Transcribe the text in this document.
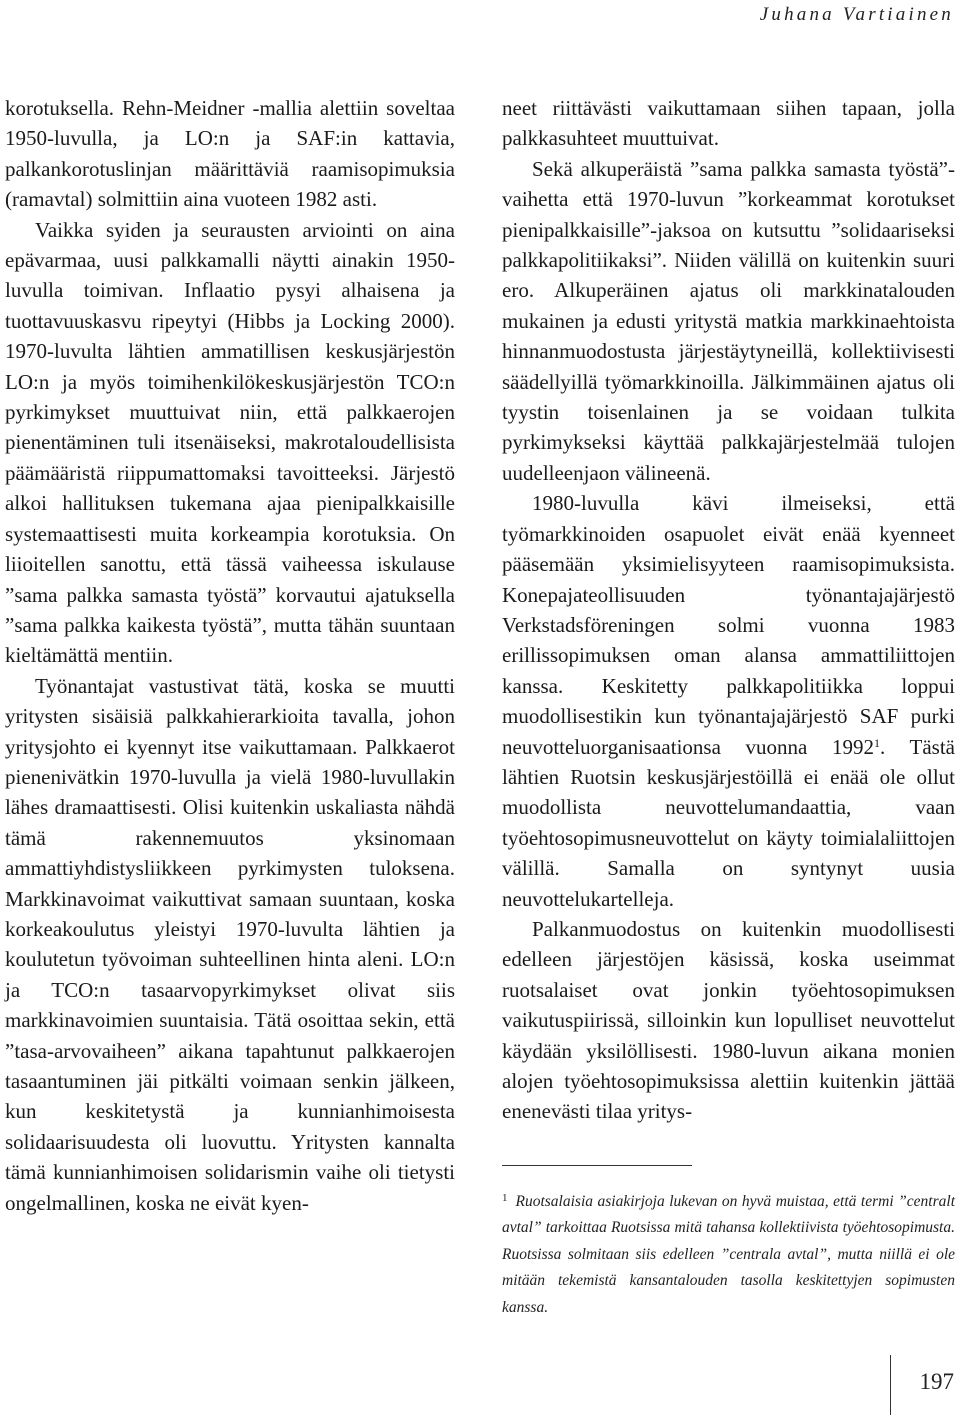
Juhana Vartiainen

korotuksella. Rehn-Meidner -mallia alettiin soveltaa 1950-luvulla, ja LO:n ja SAF:in kattavia, palkankorotuslinjan määrittäviä raamisopimuksia (ramavtal) solmittiin aina vuoteen 1982 asti.

Vaikka syiden ja seurausten arviointi on aina epävarmaa, uusi palkkamalli näytti ainakin 1950-luvulla toimivan. Inflaatio pysyi alhaisena ja tuottavuuskasvu ripeytyi (Hibbs ja Locking 2000). 1970-luvulta lähtien ammatillisen keskusjärjestön LO:n ja myös toimihenkilökeskusjärjestön TCO:n pyrkimykset muuttuivat niin, että palkkaerojen pienentäminen tuli itsenäiseksi, makrotaloudellisista päämääristä riippumattomaksi tavoitteeksi. Järjestö alkoi hallituksen tukemana ajaa pienipalkkaisille systemaattisesti muita korkeampia korotuksia. On liioitellen sanottu, että tässä vaiheessa iskulause ”sama palkka samasta työstä” korvautui ajatuksella ”sama palkka kaikesta työstä”, mutta tähän suuntaan kieltämättä mentiin.

Työnantajat vastustivat tätä, koska se muutti yritysten sisäisiä palkkahierarkioita tavalla, johon yritysjohto ei kyennyt itse vaikuttamaan. Palkkaerot pienenivätkin 1970-luvulla ja vielä 1980-luvullakin lähes dramaattisesti. Olisi kuitenkin uskaliasta nähdä tämä rakennemuutos yksinomaan ammattiyhdistysliikkeen pyrkimysten tuloksena. Markkinavoimat vaikuttivat samaan suuntaan, koska korkeakoulutus yleistyi 1970-luvulta lähtien ja koulutetun työvoiman suhteellinen hinta aleni. LO:n ja TCO:n tasaarvopyrkimykset olivat siis markkinavoimien suuntaisia. Tätä osoittaa sekin, että ”tasa-arvovaiheen” aikana tapahtunut palkkaerojen tasaantuminen jäi pitkälti voimaan senkin jälkeen, kun keskitetystä ja kunnianhimoisesta solidaarisuudesta oli luovuttu. Yritysten kannalta tämä kunnianhimoisen solidarismin vaihe oli tietysti ongelmallinen, koska ne eivät kyen-

neet riittävästi vaikuttamaan siihen tapaan, jolla palkkasuhteet muuttuivat.

Sekä alkuperäistä ”sama palkka samasta työstä”-vaihetta että 1970-luvun ”korkeammat korotukset pienipalkkaisille”-jaksoa on kutsuttu ”solidaariseksi palkkapolitiikaksi”. Niiden välillä on kuitenkin suuri ero. Alkuperäinen ajatus oli markkinatalouden mukainen ja edusti yritystä matkia markkinaehtoista hinnanmuodostusta järjestäytyneillä, kollektiivisesti säädellyillä työmarkkinoilla. Jälkimmäinen ajatus oli tyystin toisenlainen ja se voidaan tulkita pyrkimykseksi käyttää palkkajärjestelmää tulojen uudelleenjaon välineenä.

1980-luvulla kävi ilmeiseksi, että työmarkkinoiden osapuolet eivät enää kyenneet pääsemään yksimielisyyteen raamisopimuksista. Konepajateollisuuden työnantajajärjestö Verkstadsföreningen solmi vuonna 1983 erillissopimuksen oman alansa ammattiliittojen kanssa. Keskitetty palkkapolitiikka loppui muodollisestikin kun työnantajajärjestö SAF purki neuvotteluorganisaationsa vuonna 1992$^1$. Tästä lähtien Ruotsin keskusjärjestöillä ei enää ole ollut muodollista neuvottelumandaattia, vaan työehtosopimusneuvottelut on käyty toimialaliittojen välillä. Samalla on syntynyt uusia neuvottelukartelleja.

Palkanmuodostus on kuitenkin muodollisesti edelleen järjestöjen käsissä, koska useimmat ruotsalaiset ovat jonkin työehtosopimuksen vaikutuspiirissä, silloinkin kun lopulliset neuvottelut käydään yksilöllisesti. 1980-luvun aikana monien alojen työehtosopimuksissa alettiin kuitenkin jättää enenevästi tilaa yritys-

$^1$ Ruotsalaisia asiakirjoja lukevan on hyvä muistaa, että termi ”centralt avtal” tarkoittaa Ruotsissa mitä tahansa kollektiivista työehtosopimusta. Ruotsissa solmitaan siis edelleen ”centrala avtal”, mutta niillä ei ole mitään tekemistä kansantalouden tasolla keskitettyjen sopimusten kanssa.
197
